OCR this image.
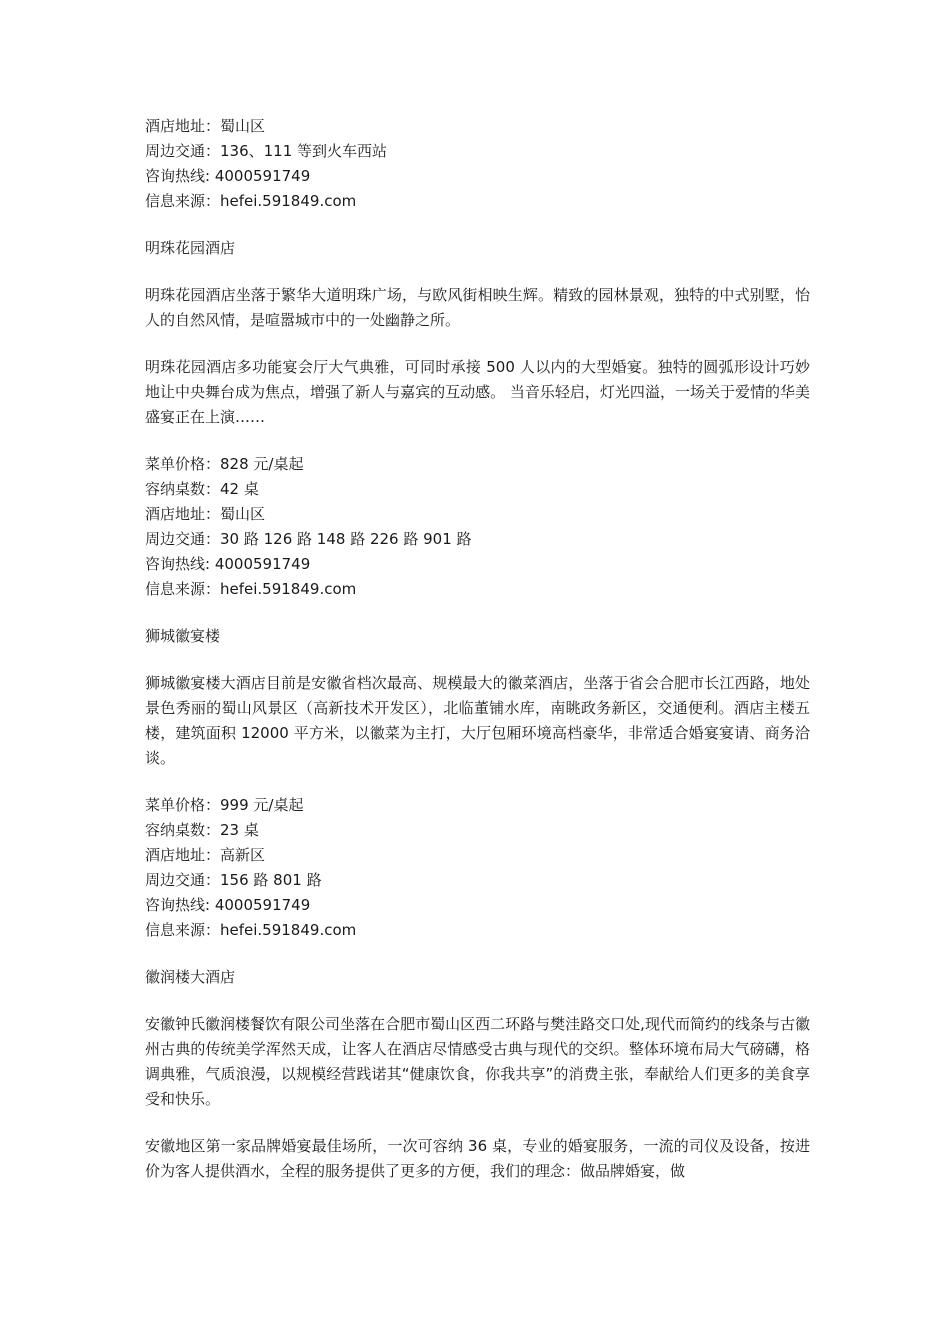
酒店地址：蜀山区
周边交通：136、111 等到火车西站
咨询热线: 4000591749
信息来源：hefei.591849.com
明珠花园酒店
明珠花园酒店坐落于繁华大道明珠广场，与欧风街相映生辉。精致的园林景观，独特的中式别墅，怡人的自然风情，是喧嚣城市中的一处幽静之所。
明珠花园酒店多功能宴会厅大气典雅，可同时承接 500 人以内的大型婚宴。独特的圆弧形设计巧妙地让中央舞台成为焦点，增强了新人与嘉宾的互动感。 当音乐轻启，灯光四溢，一场关于爱情的华美盛宴正在上演……
菜单价格：828 元/桌起
容纳桌数：42 桌
酒店地址：蜀山区
周边交通：30 路 126 路 148 路 226 路 901 路
咨询热线: 4000591749
信息来源：hefei.591849.com
狮城徽宴楼
狮城徽宴楼大酒店目前是安徽省档次最高、规模最大的徽菜酒店，坐落于省会合肥市长江西路，地处景色秀丽的蜀山风景区（高新技术开发区），北临董铺水库，南眺政务新区，交通便利。酒店主楼五楼，建筑面积 12000 平方米，以徽菜为主打，大厅包厢环境高档豪华，非常适合婚宴宴请、商务洽谈。
菜单价格：999 元/桌起
容纳桌数：23 桌
酒店地址：高新区
周边交通：156 路 801 路
咨询热线: 4000591749
信息来源：hefei.591849.com
徽润楼大酒店
安徽钟氏徽润楼餐饮有限公司坐落在合肥市蜀山区西二环路与樊洼路交口处,现代而简约的线条与古徽州古典的传统美学浑然天成，让客人在酒店尽情感受古典与现代的交织。整体环境布局大气磅礴，格调典雅，气质浪漫，以规模经营践诺其“健康饮食，你我共享”的消费主张，奉献给人们更多的美食享受和快乐。
安徽地区第一家品牌婚宴最佳场所，一次可容纳 36 桌，专业的婚宴服务，一流的司仪及设备，按进价为客人提供酒水，全程的服务提供了更多的方便，我们的理念：做品牌婚宴，做
